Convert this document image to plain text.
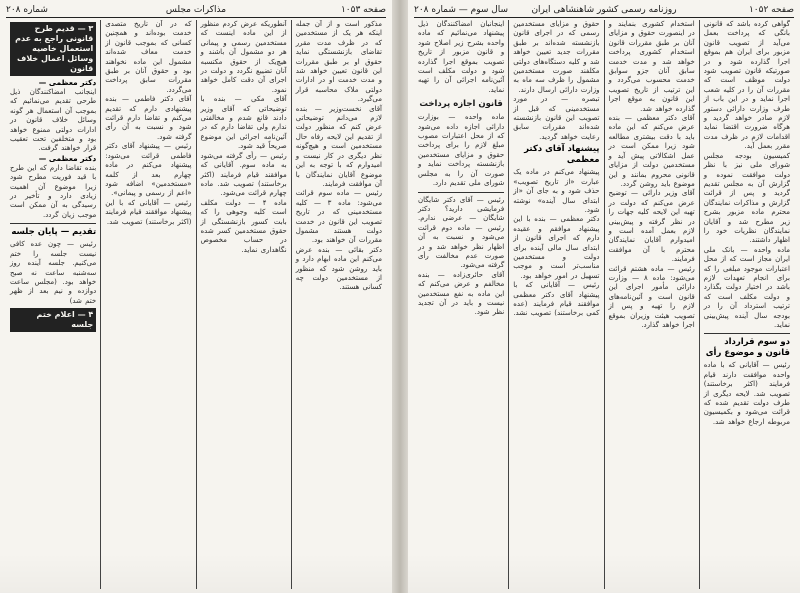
صفحه ۱۰۵۳
مذاکرات مجلس
شماره ۲۰۸
مذکور است و از آن جمله اینکه هر یک از مستخدمین که در ظرف مدت مقرر تقاضای بازنشستگی نماید حقوق او بر طبق مقررات این قانون تعیین خواهد شد و مدت خدمت او در ادارات دولتی ملاک محاسبه قرار می‌گیرد.
آقای نخست‌وزیر — بنده لازم می‌دانم توضیحاتی عرض کنم که منظور دولت از تقدیم این لایحه رفاه حال مستخدمین است و هیچ‌گونه نظر دیگری در کار نیست و امیدوارم که با توجه به این موضوع آقایان نمایندگان با آن موافقت فرمایند.
رئیس — ماده سوم قرائت می‌شود: ماده ۳ — کلیه مستخدمینی که در تاریخ تصویب این قانون در خدمت دولت هستند مشمول مقررات آن خواهند بود.
دکتر بقائی — بنده عرض می‌کنم این ماده ابهام دارد و باید روشن شود که منظور از مستخدمین دولت چه کسانی هستند.
آنطوریکه عرض کردم منظور از این ماده اینست که مستخدمین رسمی و پیمانی هر دو مشمول آن باشند و هیچ‌یک از حقوق مکتسبه آنان تضییع نگردد و دولت در اجرای آن دقت کامل خواهد نمود.
آقای مکی — بنده با توضیحاتی که آقای وزیر دادند قانع شدم و مخالفتی ندارم ولی تقاضا دارم که در آئین‌نامه اجرائی این موضوع صریحاً قید شود.
رئیس — رأی گرفته می‌شود به ماده سوم. آقایانی که موافقند قیام فرمایند (اکثر برخاستند) تصویب شد. ماده چهارم قرائت می‌شود.
ماده ۴ — دولت مکلف است کلیه وجوهی را که بابت کسور بازنشستگی از حقوق مستخدمین کسر شده در حساب مخصوص نگاهداری نماید.
که در آن تاریخ متصدی خدمت بوده‌اند و همچنین کسانی که بموجب قانون از خدمت معاف شده‌اند مشمول این ماده نخواهند بود و حقوق آنان بر طبق مقررات سابق پرداخت می‌گردد.
آقای دکتر فاطمی — بنده پیشنهادی دارم که تقدیم می‌کنم و تقاضا دارم قرائت شود و نسبت به آن رأی گرفته شود.
رئیس — پیشنهاد آقای دکتر فاطمی قرائت می‌شود: پیشنهاد می‌کنم در ماده چهارم بعد از کلمه «مستخدمین» اضافه شود «اعم از رسمی و پیمانی».
رئیس — آقایانی که با این پیشنهاد موافقند قیام فرمایند (اکثر برخاستند) تصویب شد.
۳ — قدیم طرح قانونی راجع به عدم استعمال خاصیه وسائل اعمال خلاف قانون
دکتر معظمی —
اینجانب امضاکنندگان ذیل طرحی تقدیم می‌نمائیم که بموجب آن استعمال هر گونه وسائل خلاف قانون در ادارات دولتی ممنوع خواهد بود و متخلفین تحت تعقیب قرار خواهند گرفت.
دکتر معظمی —
بنده تقاضا دارم که این طرح با قید فوریت مطرح شود زیرا موضوع آن اهمیت زیادی دارد و تأخیر در رسیدگی به آن ممکن است موجب زیان گردد.
تقدیم — پایان جلسه
رئیس — چون عده کافی نیست جلسه را ختم می‌کنیم. جلسه آینده روز سه‌شنبه ساعت نه صبح خواهد بود. (مجلس ساعت دوازده و نیم بعد از ظهر ختم شد)
۴ — اعلام ختم جلسه
صفحه ۱۰۵۲
روزنامه رسمی کشور شاهنشاهی ایران
سال سوم — شماره ۲۰۸
گواهی کرده باشد که قانونی بانگی که پرداخت بعمل می‌آید از تصویب قانون مزبور برای ایران هم بموقع اجرا گذارده شود و در صورتیکه قانون تصویب شود دولت موظف است که مقررات آن را در کلیه شعب اجرا نماید و در این باب از طرف وزارت دارائی دستور لازم صادر خواهد گردید و هرگاه ضرورت اقتضا نماید اقدامات لازم در ظرف مدت مقرر بعمل آید.
کمیسیون بودجه مجلس شورای ملی نیز با نظر دولت موافقت نموده و گزارش آن به مجلس تقدیم گردید و پس از قرائت گزارش و مذاکرات نمایندگان محترم ماده مزبور بشرح زیر مطرح شد و آقایان نمایندگان نظریات خود را اظهار داشتند.
ماده واحده — بانک ملی ایران مجاز است که از محل اعتبارات موجود مبلغی را که برای انجام تعهدات لازم باشد در اختیار دولت بگذارد و دولت مکلف است که ترتیب استرداد آن را در بودجه سال آینده پیش‌بینی نماید.
دو سوم قرارداد قانون و موضوع رأی
رئیس — آقایانی که با ماده واحده موافقت دارند قیام فرمایند (اکثر برخاستند) تصویب شد. لایحه دیگری از طرف دولت تقدیم شده که قرائت می‌شود و بکمیسیون مربوطه ارجاع خواهد شد.
استخدام کشوری بنمایند و در اینصورت حقوق و مزایای آنان بر طبق مقررات قانون استخدام کشوری پرداخت خواهد شد و مدت خدمت سابق آنان جزو سوابق خدمت محسوب می‌گردد و این ترتیب از تاریخ تصویب این قانون به موقع اجرا گذارده خواهد شد.
آقای دکتر معظمی — بنده عرض می‌کنم که این ماده باید با دقت بیشتری مطالعه شود زیرا ممکن است در عمل اشکالاتی پیش آید و مستخدمین دولت از مزایای قانونی محروم بمانند و این موضوع باید روشن گردد.
آقای وزیر دارائی — توضیح عرض می‌کنم که دولت در تهیه این لایحه کلیه جهات را در نظر گرفته و پیش‌بینی لازم بعمل آمده است و امیدوارم آقایان نمایندگان محترم با آن موافقت فرمایند.
رئیس — ماده هشتم قرائت می‌شود: ماده ۸ — وزارت دارائی مأمور اجرای این قانون است و آئین‌نامه‌های لازم را تهیه و پس از تصویب هیئت وزیران بموقع اجرا خواهد گذارد.
حقوق و مزایای مستخدمین رسمی که در اجرای قانون بازنشسته شده‌اند بر طبق مقررات جدید تعیین خواهد شد و کلیه دستگاه‌های دولتی مکلفند صورت مستخدمین مشمول را ظرف سه ماه به وزارت دارائی ارسال دارند.
تبصره — در مورد مستخدمینی که قبل از تصویب این قانون بازنشسته شده‌اند مقررات سابق رعایت خواهد گردید.
پیشنهاد آقای دکتر معظمی
پیشنهاد می‌کنم در ماده یک عبارت «از تاریخ تصویب» حذف شود و به جای آن «از ابتدای سال آینده» نوشته شود.
دکتر معظمی — بنده با این پیشنهاد موافقم و عقیده دارم که اجرای قانون از ابتدای سال مالی آینده برای دولت و مستخدمین مناسب‌تر است و موجب تسهیل در امور خواهد بود.
رئیس — آقایانی که با پیشنهاد آقای دکتر معظمی موافقند قیام فرمایند (عده کمی برخاستند) تصویب نشد.
اینجانبان امضاکنندگان ذیل پیشنهاد می‌نمائیم که ماده واحده بشرح زیر اصلاح شود و قانون مزبور از تاریخ تصویب بموقع اجرا گذارده شود و دولت مکلف است آئین‌نامه اجرائی آن را تهیه نماید.
قانون اجازه پرداخت
ماده واحده — بوزارت دارائی اجازه داده می‌شود که از محل اعتبارات مصوب مبلغ لازم را برای پرداخت حقوق و مزایای مستخدمین بازنشسته پرداخت نماید و صورت آن را به مجلس شورای ملی تقدیم دارد.
رئیس — آقای دکتر شایگان فرمایشی دارید؟ دکتر شایگان — عرضی ندارم. رئیس — ماده دوم قرائت می‌شود و نسبت به آن اظهار نظر خواهد شد و در صورت عدم مخالفت رأی گرفته می‌شود.
آقای حائری‌زاده — بنده مخالفم و عرض می‌کنم که این ماده به نفع مستخدمین نیست و باید در آن تجدید نظر شود.
